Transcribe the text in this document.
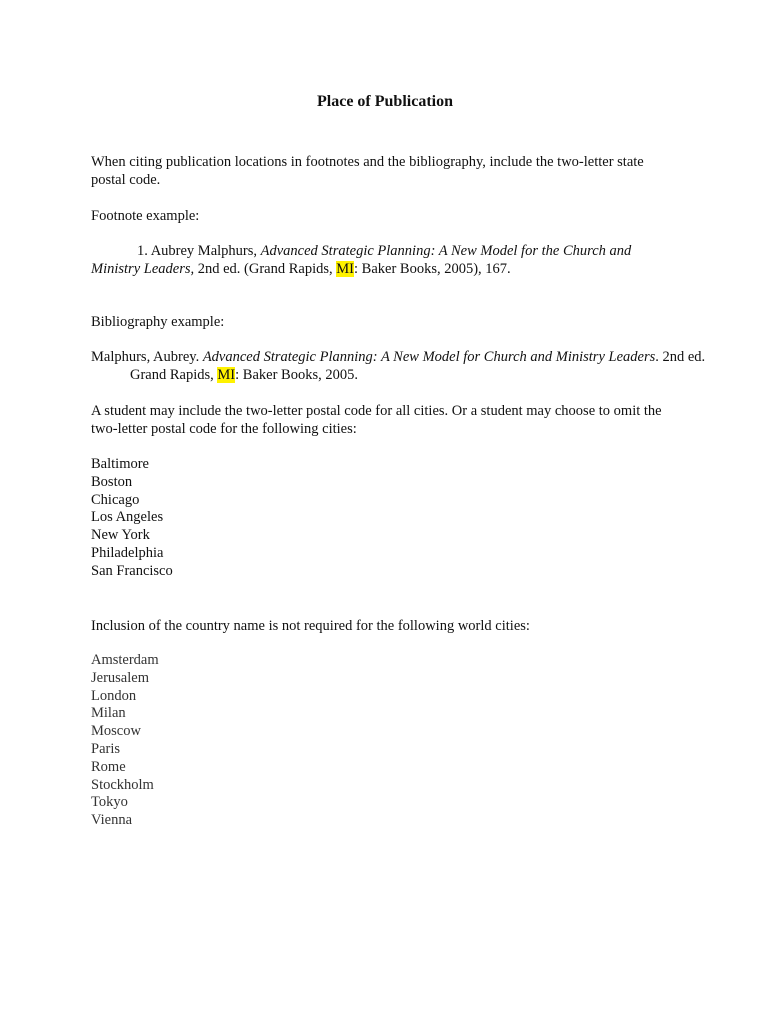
Place of Publication

When citing publication locations in footnotes and the bibliography, include the two-letter state postal code.

Footnote example:

1. Aubrey Malphurs, Advanced Strategic Planning: A New Model for the Church and Ministry Leaders, 2nd ed. (Grand Rapids, MI: Baker Books, 2005), 167.

Bibliography example:

Malphurs, Aubrey. Advanced Strategic Planning: A New Model for Church and Ministry Leaders. 2nd ed. Grand Rapids, MI: Baker Books, 2005.

A student may include the two-letter postal code for all cities. Or a student may choose to omit the two-letter postal code for the following cities:

Baltimore
Boston
Chicago
Los Angeles
New York
Philadelphia
San Francisco

Inclusion of the country name is not required for the following world cities:

Amsterdam
Jerusalem
London
Milan
Moscow
Paris
Rome
Stockholm
Tokyo
Vienna
